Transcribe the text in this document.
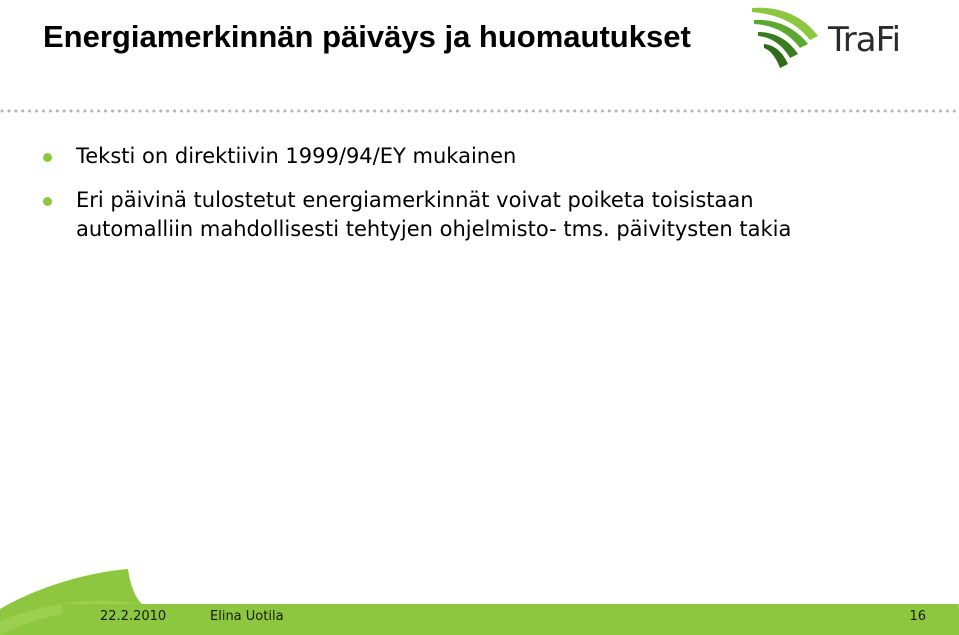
Energiamerkinnän päiväys ja huomautukset	TraFi
Teksti on direktiivin 1999/94/EY mukainen
Eri päivinä tulostetut energiamerkinnät voivat poiketa toisistaan automalliin mahdollisesti tehtyjen ohjelmisto- tms. päivitysten takia
22.2.2010	Elina Uotila	16
